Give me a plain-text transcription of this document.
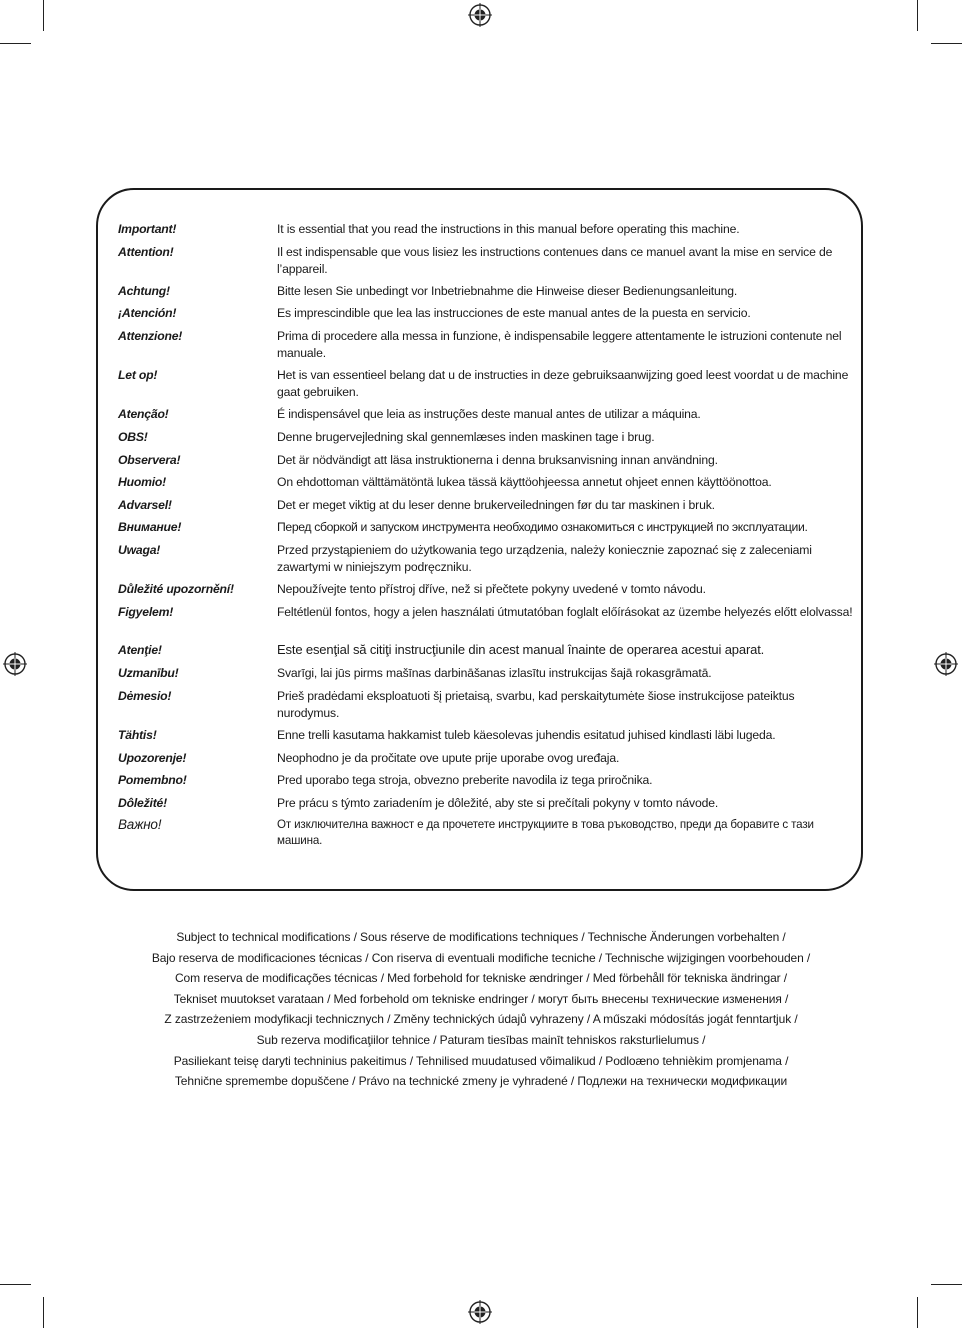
Important!	It is essential that you read the instructions in this manual before operating this machine.
Attention!	Il est indispensable que vous lisiez les instructions contenues dans ce manuel avant la mise en service de l’appareil.
Achtung!	Bitte lesen Sie unbedingt vor Inbetriebnahme die Hinweise dieser Bedienungsanleitung.
¡Atención!	Es imprescindible que lea las instrucciones de este manual antes de la puesta en servicio.
Attenzione!	Prima di procedere alla messa in funzione, è indispensabile leggere attentamente le istruzioni contenute nel manuale.
Let op!	Het is van essentieel belang dat u de instructies in deze gebruiksaanwijzing goed leest voordat u de machine gaat gebruiken.
Atenção!	É indispensável que leia as instruções deste manual antes de utilizar a máquina.
OBS!	Denne brugervejledning skal gennemlæses inden maskinen tage i brug.
Observera!	Det är nödvändigt att läsa instruktionerna i denna bruksanvisning innan användning.
Huomio!	On ehdottoman välttämätöntä lukea tässä käyttöohjeessa annetut ohjeet ennen käyttöönottoa.
Advarsel!	Det er meget viktig at du leser denne brukerveiledningen før du tar maskinen i bruk.
Внимание!	Перед сборкой и запуском инструмента необходимо ознакомиться с инструкцией по эксплуатации.
Uwaga!	Przed przystąpieniem do użytkowania tego urządzenia, należy koniecznie zapoznać się z zaleceniami zawartymi w niniejszym podręczniku.
Důležité upozornění!	Nepoužívejte tento přístroj dříve, než si přečtete pokyny uvedené v tomto návodu.
Figyelem!	Feltétlenül fontos, hogy a jelen használati útmutatóban foglalt előírásokat az üzembe helyezés előtt elolvassa!
Atenţie!	Este esenţial să citiţi instrucţiunile din acest manual înainte de operarea acestui aparat.
Uzmanību!	Svarīgi, lai jūs pirms mašīnas darbināšanas izlasītu instrukcijas šajā rokasgrāmatā.
Dėmesio!	Prieš pradėdami eksploatuoti šį prietaisą, svarbu, kad perskaitytumėte šiose instrukcijose pateiktus nurodymus.
Tähtis!	Enne trelli kasutama hakkamist tuleb käesolevas juhendis esitatud juhised kindlasti läbi lugeda.
Upozorenje!	Neophodno je da pročitate ove upute prije uporabe ovog uređaja.
Pomembno!	Pred uporabo tega stroja, obvezno preberite navodila iz tega priročnika.
Dôležité!	Pre prácu s týmto zariadením je dôležité, aby ste si prečítali pokyny v tomto návode.
Важно!	От изключителна важност е да прочетете инструкциите в това ръководство, преди да боравите с тази машина.
Subject to technical modifications / Sous réserve de modifications techniques / Technische Änderungen vorbehalten /
Bajo reserva de modificaciones técnicas / Con riserva di eventuali modifiche tecniche / Technische wijzigingen voorbehouden /
Com reserva de modificações técnicas / Med forbehold for tekniske ændringer / Med förbehåll för tekniska ändringar /
Tekniset muutokset varataan / Med forbehold om tekniske endringer / могут быть внесены технические изменения /
Z zastrzeżeniem modyfikacji technicznych / Změny technických údajů vyhrazeny / A műszaki módosítás jogát fenntartjuk /
Sub rezerva modificaţiilor tehnice / Paturam tiesības mainīt tehniskos raksturlielumus /
Pasiliekant teisę daryti techninius pakeitimus / Tehnilised muudatused võimalikud / Podloæno tehnièkim promjenama /
Tehnične spremembe dopuščene / Právo na technické zmeny je vyhradené / Подлежи на технически модификации
